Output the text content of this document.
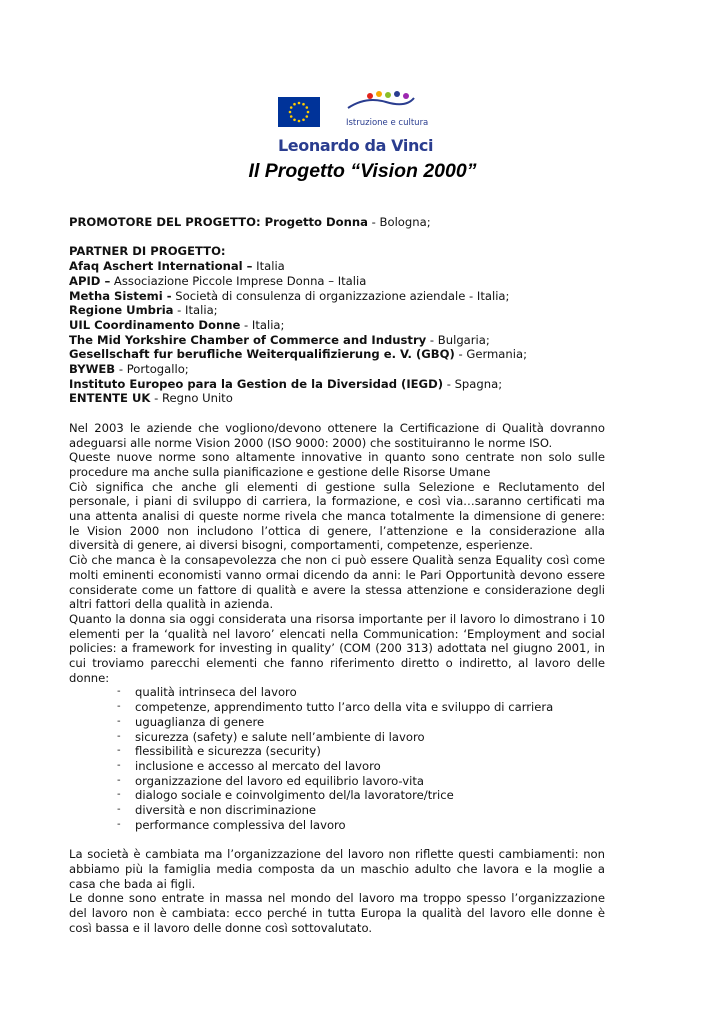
Istruzione e cultura
Leonardo da Vinci
Il Progetto “Vision 2000”

PROMOTORE DEL PROGETTO: Progetto Donna - Bologna;

PARTNER DI PROGETTO:

Afaq Aschert International – Italia

APID – Associazione Piccole Imprese Donna – Italia

Metha Sistemi - Società di consulenza di organizzazione aziendale - Italia;

Regione Umbria - Italia;

UIL Coordinamento Donne - Italia;

The Mid Yorkshire Chamber of Commerce and Industry - Bulgaria;

Gesellschaft fur berufliche Weiterqualifizierung e. V. (GBQ) - Germania;

BYWEB - Portogallo;

Instituto Europeo para la Gestion de la Diversidad (IEGD) - Spagna;

ENTENTE UK - Regno Unito

Nel 2003 le aziende che vogliono/devono ottenere la Certificazione di Qualità dovranno adeguarsi alle norme Vision 2000 (ISO 9000: 2000) che sostituiranno le norme ISO.

Queste nuove norme sono altamente innovative in quanto sono centrate non solo sulle procedure ma anche sulla pianificazione e gestione delle Risorse Umane

Ciò significa che anche gli elementi di gestione sulla Selezione e Reclutamento del personale, i piani di sviluppo di carriera, la formazione, e così via…saranno certificati ma una attenta analisi di queste norme rivela che manca totalmente la dimensione di genere: le Vision 2000 non includono l’ottica di genere, l’attenzione e la considerazione alla diversità di genere, ai diversi bisogni, comportamenti, competenze, esperienze.

Ciò che manca è la consapevolezza che non ci può essere Qualità senza Equality così come molti eminenti economisti vanno ormai dicendo da anni: le Pari Opportunità devono essere considerate come un fattore di qualità e avere la stessa attenzione e considerazione degli altri fattori della qualità in azienda.

Quanto la donna sia oggi considerata una risorsa importante per il lavoro lo dimostrano i 10 elementi per la ‘qualità nel lavoro’ elencati nella Communication: ‘Employment and social policies: a framework for investing in quality’ (COM (200 313) adottata nel giugno 2001, in cui troviamo parecchi elementi che fanno riferimento diretto o indiretto, al lavoro delle donne:

- qualità intrinseca del lavoro
- competenze, apprendimento tutto l’arco della vita e sviluppo di carriera
- uguaglianza di genere
- sicurezza (safety) e salute nell’ambiente di lavoro
- flessibilità e sicurezza (security)
- inclusione e accesso al mercato del lavoro
- organizzazione del lavoro ed equilibrio lavoro-vita
- dialogo sociale e coinvolgimento del/la lavoratore/trice
- diversità e non discriminazione
- performance complessiva del lavoro

La società è cambiata ma l’organizzazione del lavoro non riflette questi cambiamenti: non abbiamo più la famiglia media composta da un maschio adulto che lavora e la moglie a casa che bada ai figli.

Le donne sono entrate in massa nel mondo del lavoro ma troppo spesso l’organizzazione del lavoro non è cambiata: ecco perché in tutta Europa la qualità del lavoro elle donne è così bassa e il lavoro delle donne così sottovalutato.
